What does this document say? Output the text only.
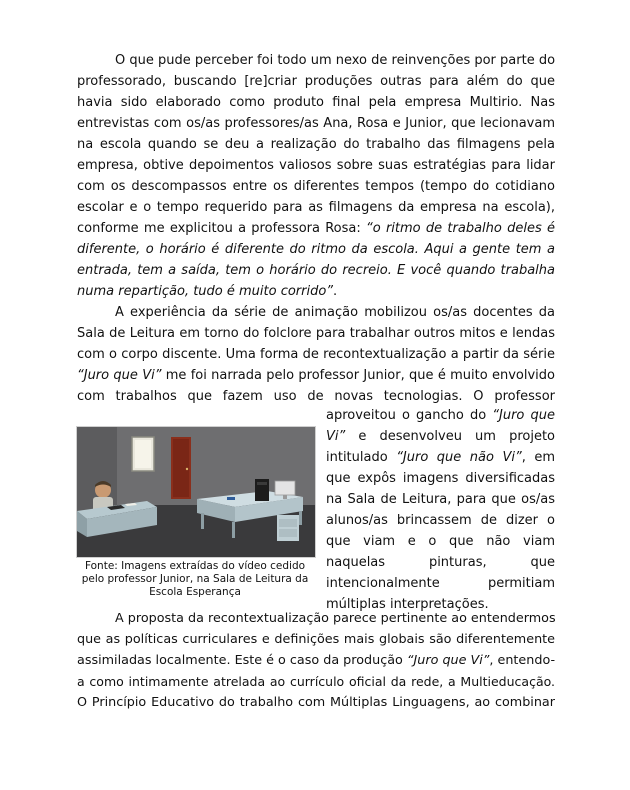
O que pude perceber foi todo um nexo de reinvenções por parte do
professorado, buscando [re]criar produções outras para além do que
havia sido elaborado como produto final pela empresa Multirio. Nas
entrevistas com os/as professores/as Ana, Rosa e Junior, que lecionavam
na escola quando se deu a realização do trabalho das filmagens pela
empresa, obtive depoimentos valiosos sobre suas estratégias para lidar
com os descompassos entre os diferentes tempos (tempo do cotidiano
escolar e o tempo requerido para as filmagens da empresa na escola),
conforme me explicitou a professora Rosa: “o ritmo de trabalho deles é
diferente, o horário é diferente do ritmo da escola. Aqui a gente tem a
entrada, tem a saída, tem o horário do recreio. E você quando trabalha
numa repartição, tudo é muito corrido”.
A experiência da série de animação mobilizou os/as docentes da
Sala de Leitura em torno do folclore para trabalhar outros mitos e lendas
com o corpo discente. Uma forma de recontextualização a partir da série
“Juro que Vi” me foi narrada pelo professor Junior, que é muito envolvido
com trabalhos que fazem uso de novas tecnologias. O professor
aproveitou o gancho do “Juro que
Vi” e desenvolveu um projeto
intitulado “Juro que não Vi”, em
que expôs imagens diversificadas
na Sala de Leitura, para que os/as
alunos/as brincassem de dizer o
que viam e o que não viam
naquelas pinturas, que
intencionalmente permitiam
múltiplas interpretações.
Fonte: Imagens extraídas do vídeo cedido pelo professor Junior, na Sala de Leitura da Escola Esperança
A proposta da recontextualização parece pertinente ao entendermos
que as políticas curriculares e definições mais globais são diferentemente
assimiladas localmente. Este é o caso da produção “Juro que Vi”, entendo-
a como intimamente atrelada ao currículo oficial da rede, a Multieducação.
O Princípio Educativo do trabalho com Múltiplas Linguagens, ao combinar
